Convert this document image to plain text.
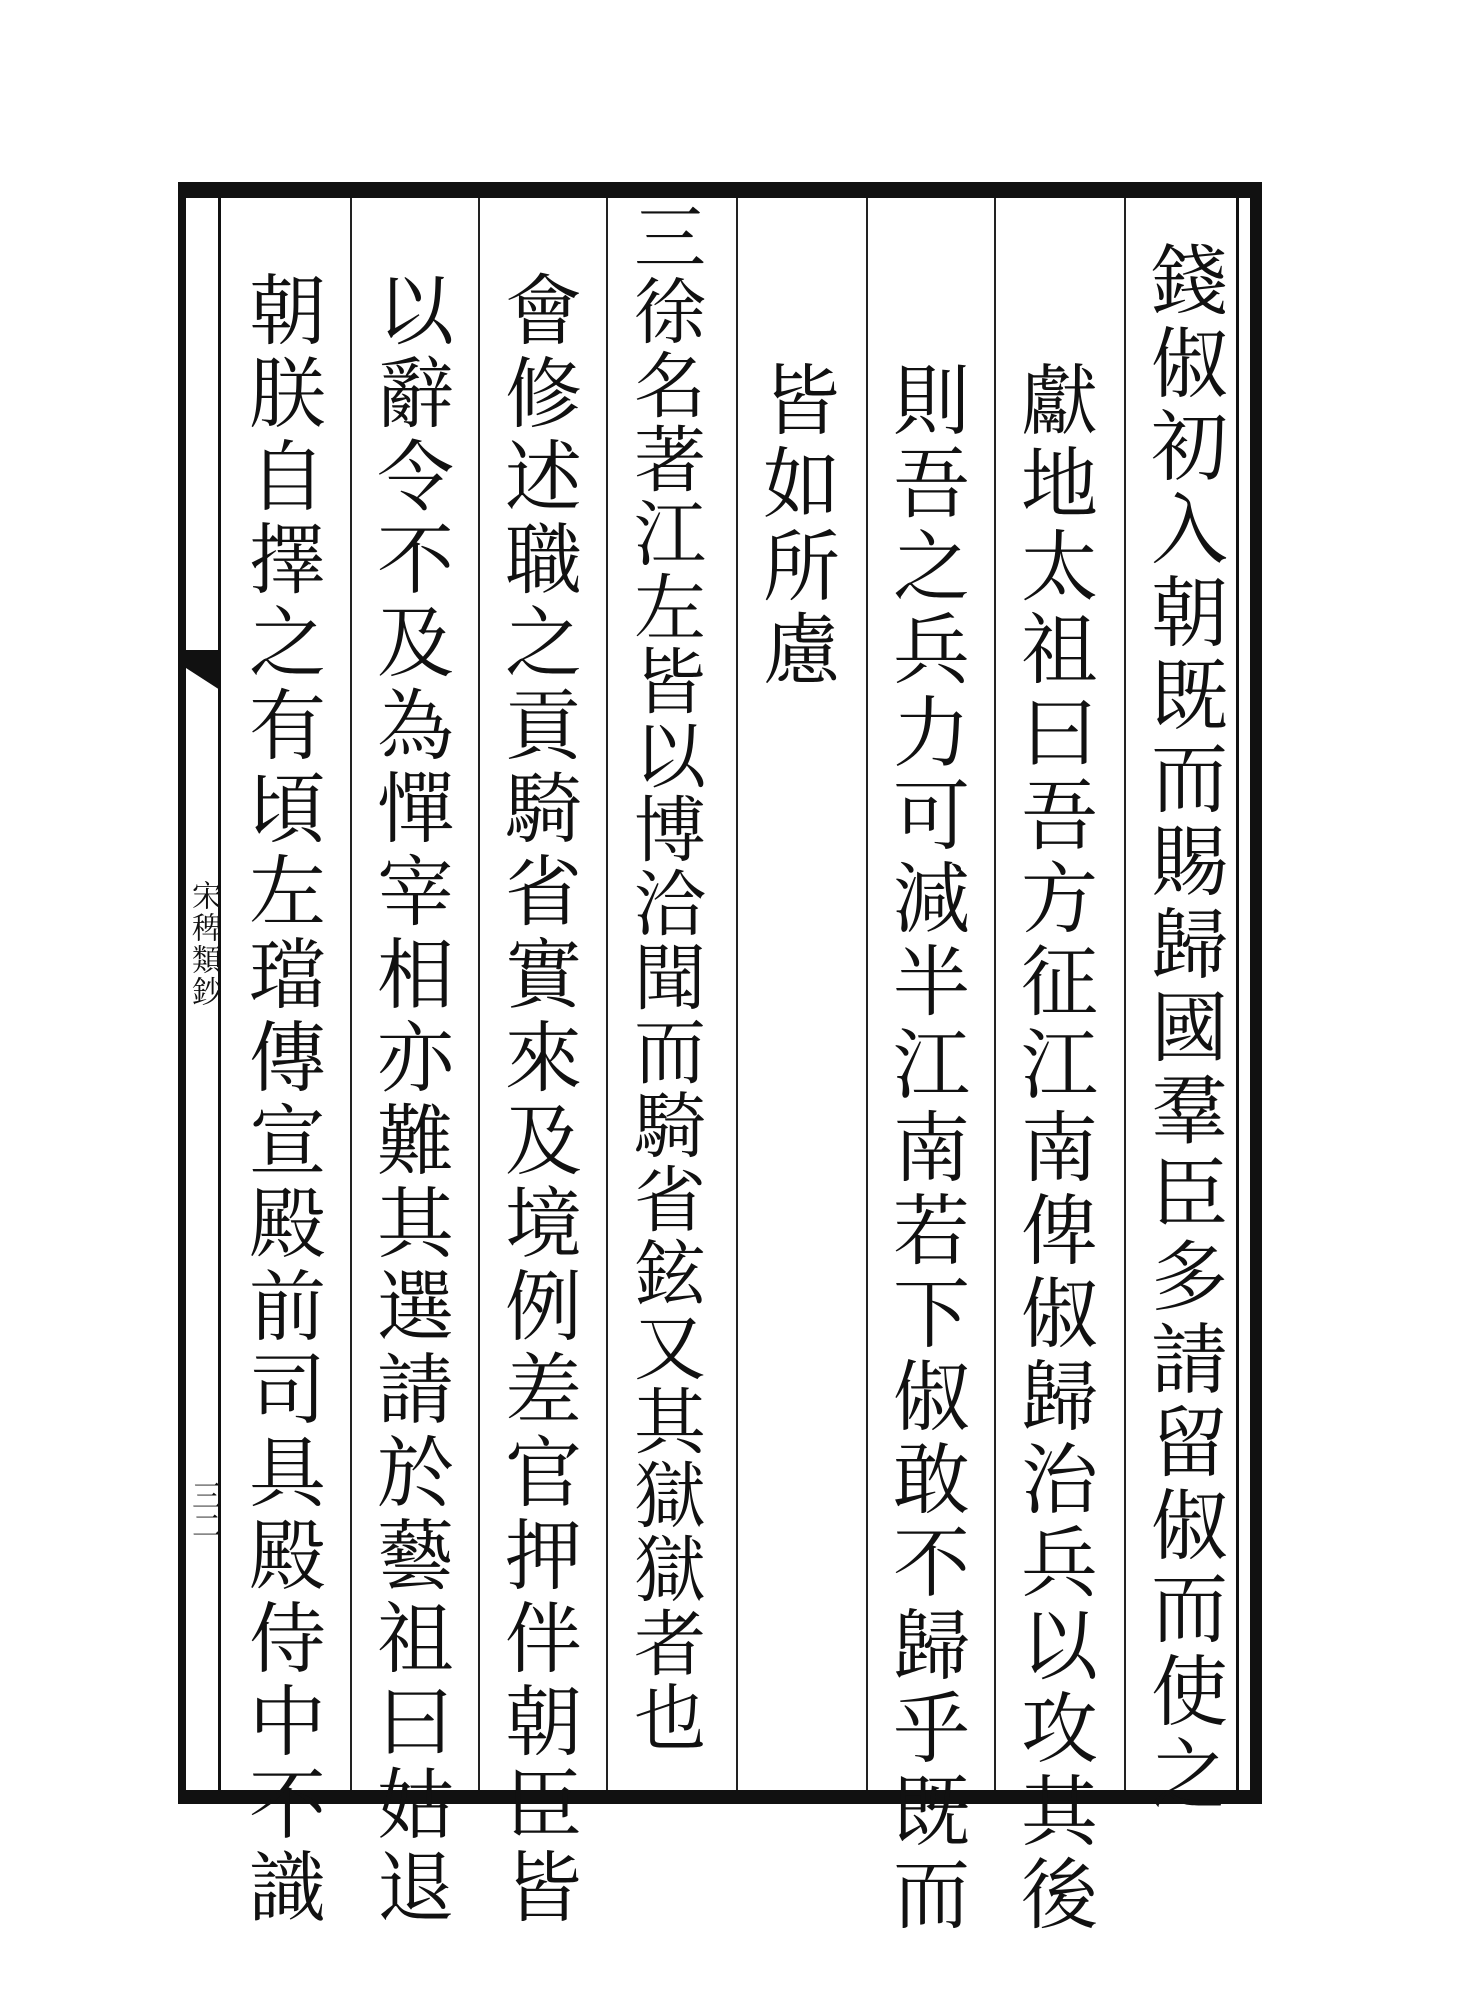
宋稗類鈔
三二	錢俶初入朝既而賜歸國羣臣多請留俶而使之
獻地太祖曰吾方征江南俾俶歸治兵以攻其後
則吾之兵力可減半江南若下俶敢不歸乎既而
皆如所慮
三徐名著江左皆以博洽聞而騎省鉉又其獄獄者也
會修述職之貢騎省實來及境例差官押伴朝臣皆
以辭令不及為憚宰相亦難其選請於藝祖曰姑退
朝朕自擇之有頃左璫傳宣殿前司具殿侍中不識
